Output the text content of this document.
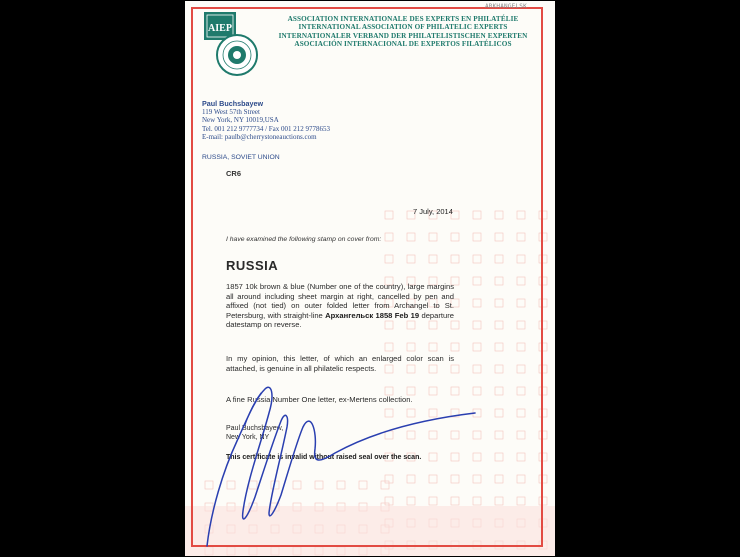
ARKHANGELSK
AIEP
ASSOCIATION INTERNATIONALE DES EXPERTS EN PHILATÉLIE
INTERNATIONAL ASSOCIATION OF PHILATELIC EXPERTS
INTERNATIONALER VERBAND DER PHILATELISTISCHEN EXPERTEN
ASOCIACIÓN INTERNACIONAL DE EXPERTOS FILATÉLICOS
Paul Buchsbayew
119 West 57th Street
New York, NY 10019,USA
Tel. 001 212 9777734 / Fax 001 212 9778653
E-mail: paulb@cherrystoneauctions.com
RUSSIA, SOVIET UNION
CR6
7 July, 2014
I have examined the following stamp on cover from:
RUSSIA
1857 10k brown & blue (Number one of the country), large margins all around including sheet margin at right, cancelled by pen and affixed (not tied) on outer folded letter from Archangel to St. Petersburg, with straight-line Архангельск 1858 Feb 19 departure datestamp on reverse.
In my opinion, this letter, of which an enlarged color scan is attached, is genuine in all philatelic respects.
A fine Russia Number One letter, ex-Mertens collection.
Paul Buchsbayew,
New York, NY
This certificate is invalid without raised seal over the scan.
